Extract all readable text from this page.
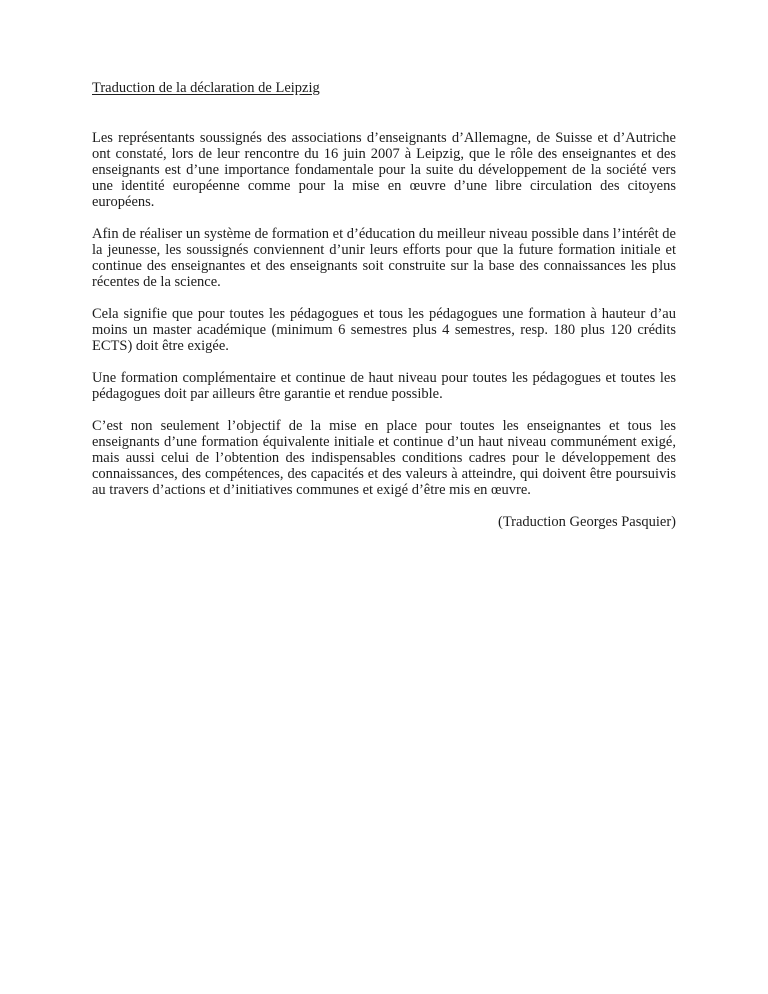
Traduction de la déclaration de Leipzig

Les représentants soussignés des associations d’enseignants d’Allemagne, de Suisse et d’Autriche ont constaté, lors de leur rencontre du 16 juin 2007 à Leipzig, que le rôle des enseignantes et des enseignants est d’une importance fondamentale pour la suite du développement de la société vers une identité européenne comme pour la mise en œuvre d’une libre circulation des citoyens européens.

Afin de réaliser un système de formation et d’éducation du meilleur niveau possible dans l’intérêt de la jeunesse, les soussignés conviennent d’unir leurs efforts pour que la future formation initiale et continue des enseignantes et des enseignants soit construite sur la base des connaissances les plus récentes de la science.

Cela signifie que pour toutes les pédagogues et tous les pédagogues une formation à hauteur d’au moins un master académique (minimum 6 semestres plus 4 semestres, resp. 180 plus 120 crédits ECTS) doit être exigée.

Une formation complémentaire et continue de haut niveau pour toutes les pédagogues et toutes les pédagogues doit par ailleurs être garantie et rendue possible.

C’est non seulement l’objectif de la mise en place pour toutes les enseignantes et tous les enseignants d’une formation équivalente initiale et continue d’un haut niveau communément exigé, mais aussi celui de l’obtention des indispensables conditions cadres pour le développement des connaissances, des compétences, des capacités et des valeurs à atteindre, qui doivent être poursuivis au travers d’actions et d’initiatives communes et exigé d’être mis en œuvre.

(Traduction Georges Pasquier)
